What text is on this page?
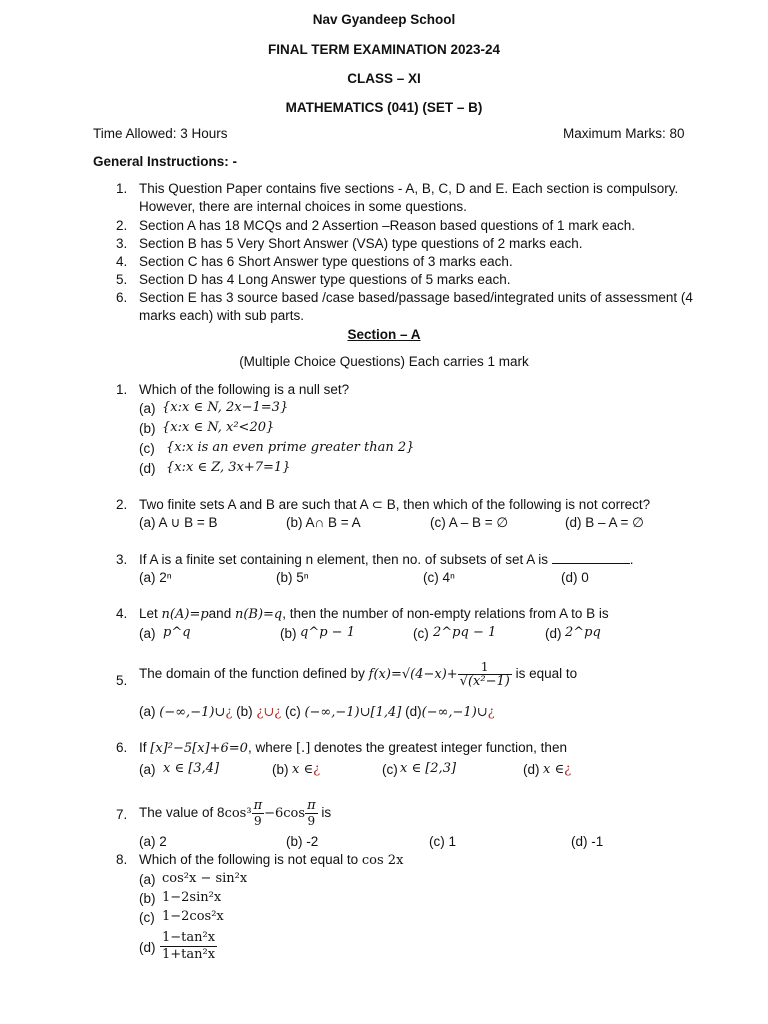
Nav Gyandeep School
FINAL TERM EXAMINATION 2023-24
CLASS – XI
MATHEMATICS (041) (SET – B)
Time Allowed: 3 Hours	Maximum Marks: 80
General Instructions: -
1. This Question Paper contains five sections - A, B, C, D and E. Each section is compulsory.
However, there are internal choices in some questions.
2. Section A has 18 MCQs and 2 Assertion –Reason based questions of 1 mark each.
3. Section B has 5 Very Short Answer (VSA) type questions of 2 marks each.
4. Section C has 6 Short Answer type questions of 3 marks each.
5. Section D has 4 Long Answer type questions of 5 marks each.
6. Section E has 3 source based /case based/passage based/integrated units of assessment (4
marks each) with sub parts.
Section – A
(Multiple Choice Questions) Each carries 1 mark
1. Which of the following is a null set?
(a) {x:x ∈ N, 2x−1=3}
(b) {x:x ∈ N, x²<20}
(c) {x:x is an even prime greater than 2}
(d) {x:x ∈ Z, 3x+7=1}
2. Two finite sets A and B are such that A ⊂ B, then which of the following is not correct?
(a) A ∪ B = B	(b) A∩ B = A	(c) A – B = ∅	(d) B – A = ∅
3. If A is a finite set containing n element, then no. of subsets of set A is	.
(a) 2ⁿ	(b) 5ⁿ	(c) 4ⁿ	(d) 0
4. Let n(A)=pand n(B)=q, then the number of non-empty relations from A to B is
(a) p^q	(b) q^p − 1	(c) 2^pq − 1	(d) 2^pq
5. The domain of the function defined by $f(x)=√(4-x)+ \frac{1}{\text{√(x²−1)}}$ is equal to
(a) (−∞,−1)∪¿ (b) ¿∪¿ (c) (−∞,−1)∪[1,4] (d)(−∞,−1)∪¿
6. If [x]²−5[x]+6=0, where [.] denotes the greatest integer function, then
(a) x ∈ [3,4]	(b) x ∈¿	(c) x ∈ [2,3]	(d) x ∈¿
7. The value of $8\cos^3 \frac{\pi}{9} -6\cos \frac{\pi}{9}$ is
(a) 2	(b) -2	(c) 1	(d) -1
8. Which of the following is not equal to cos 2x
(a) cos²x − sin²x
(b) 1−2sin²x
(c) 1−2cos²x
$(d) \frac{\text{1−tan²x}}{\text{1+tan²x}}$
